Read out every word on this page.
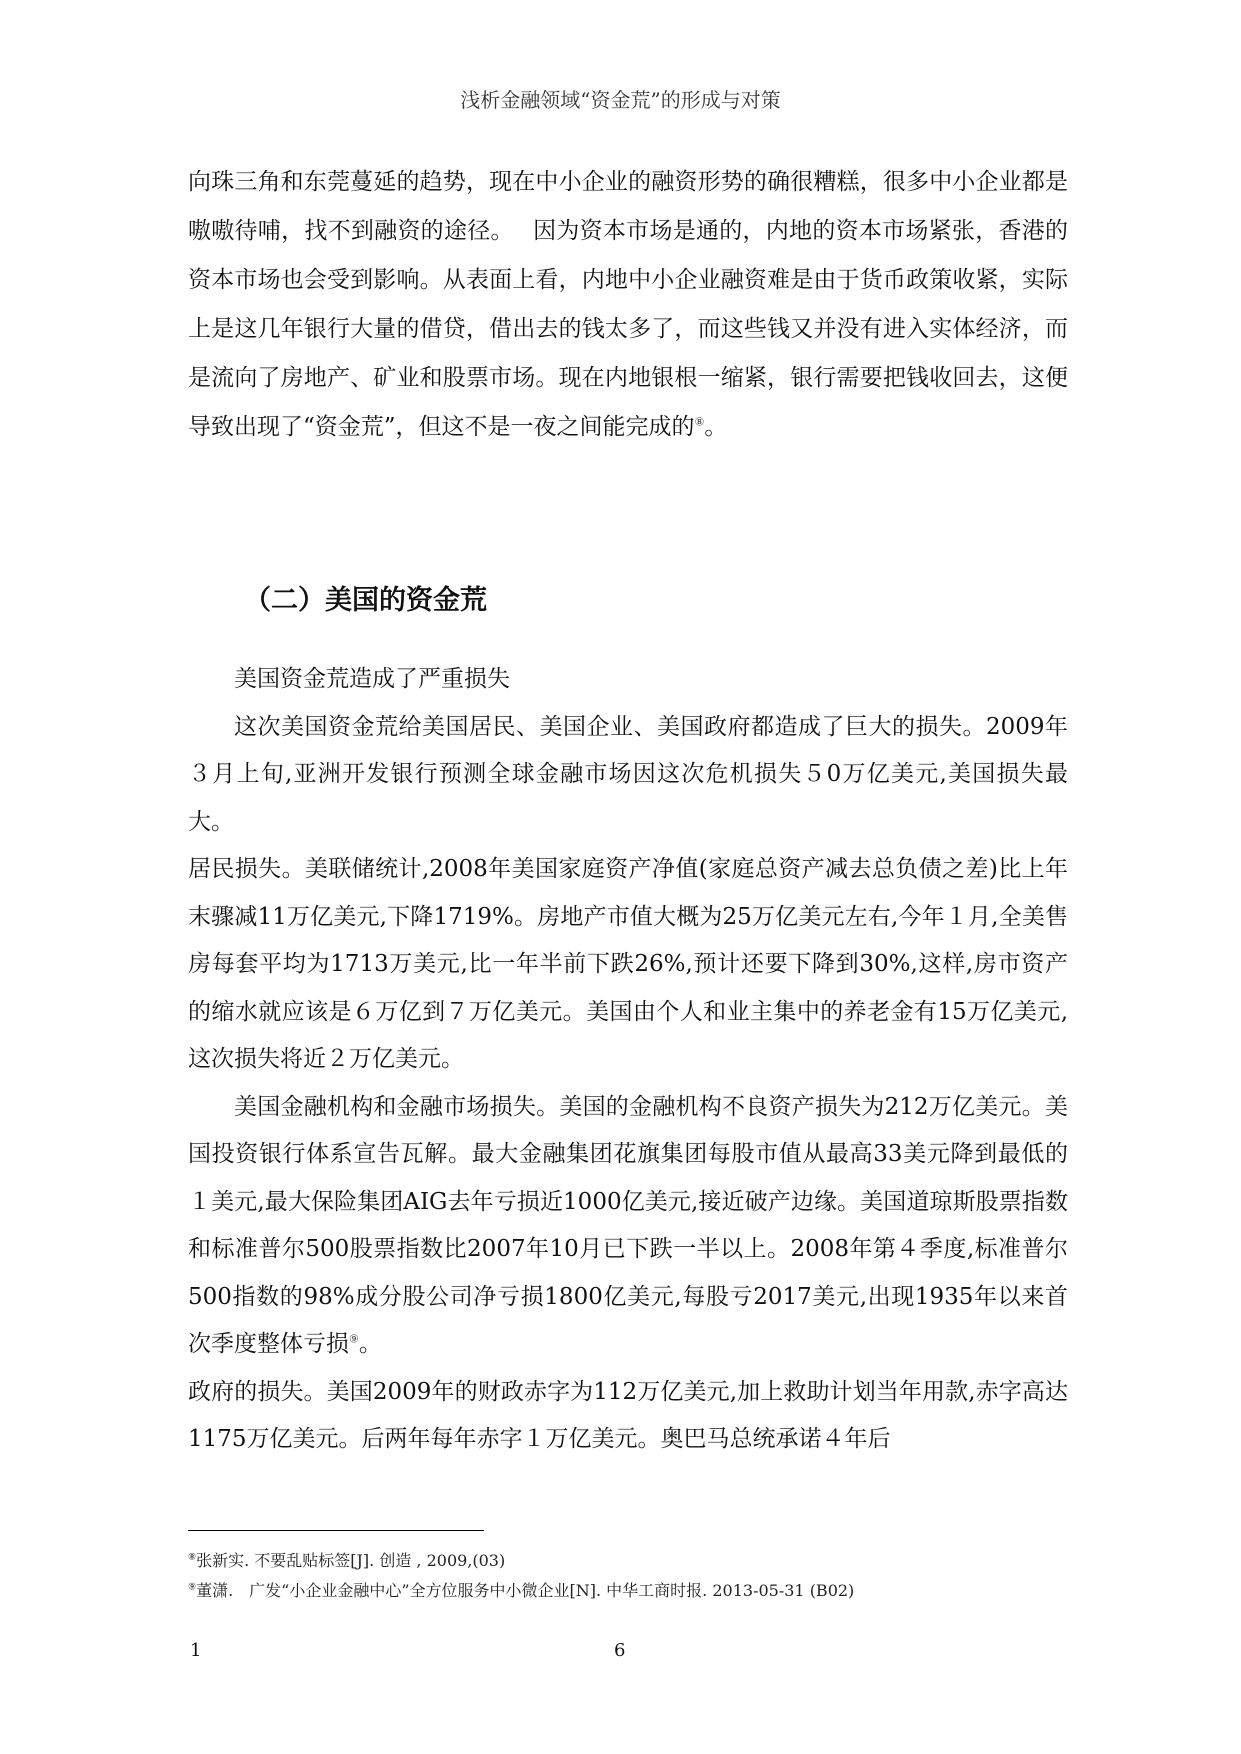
浅析金融领域“资金荒”的形成与对策

向珠三角和东莞蔓延的趋势，现在中小企业的融资形势的确很糟糕，很多中小企业都是嗷嗷待哺，找不到融资的途径。　 因为资本市场是通的，内地的资本市场紧张，香港的资本市场也会受到影响。从表面上看，内地中小企业融资难是由于货币政策收紧，实际上是这几年银行大量的借贷，借出去的钱太多了，而这些钱又并没有进入实体经济，而是流向了房地产、矿业和股票市场。现在内地银根一缩紧，银行需要把钱收回去，这便导致出现了“资金荒”，但这不是一夜之间能完成的⑧。

（二）美国的资金荒

美国资金荒造成了严重损失

这次美国资金荒给美国居民、美国企业、美国政府都造成了巨大的损失。2009年３月上旬,亚洲开发银行预测全球金融市场因这次危机损失５0万亿美元,美国损失最大。

居民损失。美联储统计,2008年美国家庭资产净值(家庭总资产减去总负债之差)比上年末骤减11万亿美元,下降1719%。房地产市值大概为25万亿美元左右,今年１月,全美售房每套平均为1713万美元,比一年半前下跌26%,预计还要下降到30%,这样,房市资产的缩水就应该是６万亿到７万亿美元。美国由个人和业主集中的养老金有15万亿美元,这次损失将近２万亿美元。

美国金融机构和金融市场损失。美国的金融机构不良资产损失为212万亿美元。美国投资银行体系宣告瓦解。最大金融集团花旗集团每股市值从最高33美元降到最低的１美元,最大保险集团AIG去年亏损近1000亿美元,接近破产边缘。美国道琼斯股票指数和标准普尔500股票指数比2007年10月已下跌一半以上。2008年第４季度,标准普尔500指数的98%成分股公司净亏损1800亿美元,每股亏2017美元,出现1935年以来首次季度整体亏损⑨。

政府的损失。美国2009年的财政赤字为112万亿美元,加上救助计划当年用款,赤字高达1175万亿美元。后两年每年赤字１万亿美元。奥巴马总统承诺４年后

⑧张新实. 不要乱贴标签[J]. 创造 , 2009,(03)
⑨董潇.　广发“小企业金融中心”全方位服务中小微企业[N]. 中华工商时报. 2013-05-31 (B02)
1	6
